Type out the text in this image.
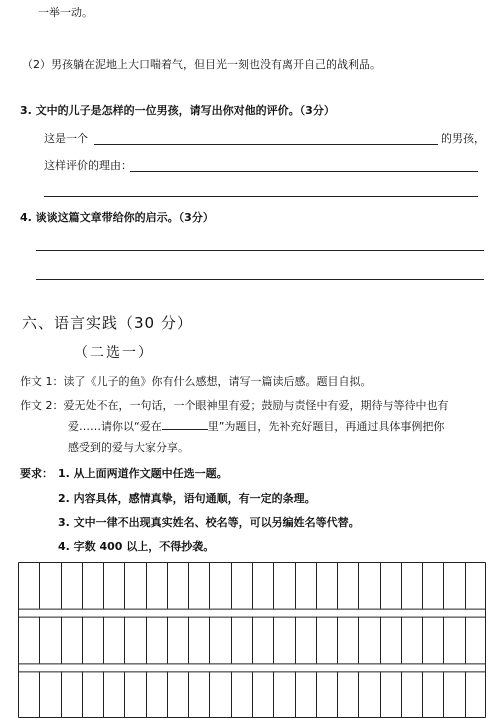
一举一动。
（2）男孩躺在泥地上大口喘着气，但目光一刻也没有离开自己的战利品。
3. 文中的儿子是怎样的一位男孩，请写出你对他的评价。（3分）
这是一个	的男孩，
这样评价的理由：
4. 谈谈这篇文章带给你的启示。（3分）
六、语言实践（30 分）
（二选一）
作文 1：读了《儿子的鱼》你有什么感想，请写一篇读后感。题目自拟。
作文 2：爱无处不在，一句话，一个眼神里有爱；鼓励与责怪中有爱，期待与等待中也有
爱……请你以“爱在	里”为题目，先补充好题目，再通过具体事例把你
感受到的爱与大家分享。
要求： 1. 从上面两道作文题中任选一题。
2. 内容具体，感情真挚，语句通顺，有一定的条理。
3. 文中一律不出现真实姓名、校名等，可以另编姓名等代替。
4. 字数 400 以上，不得抄袭。
